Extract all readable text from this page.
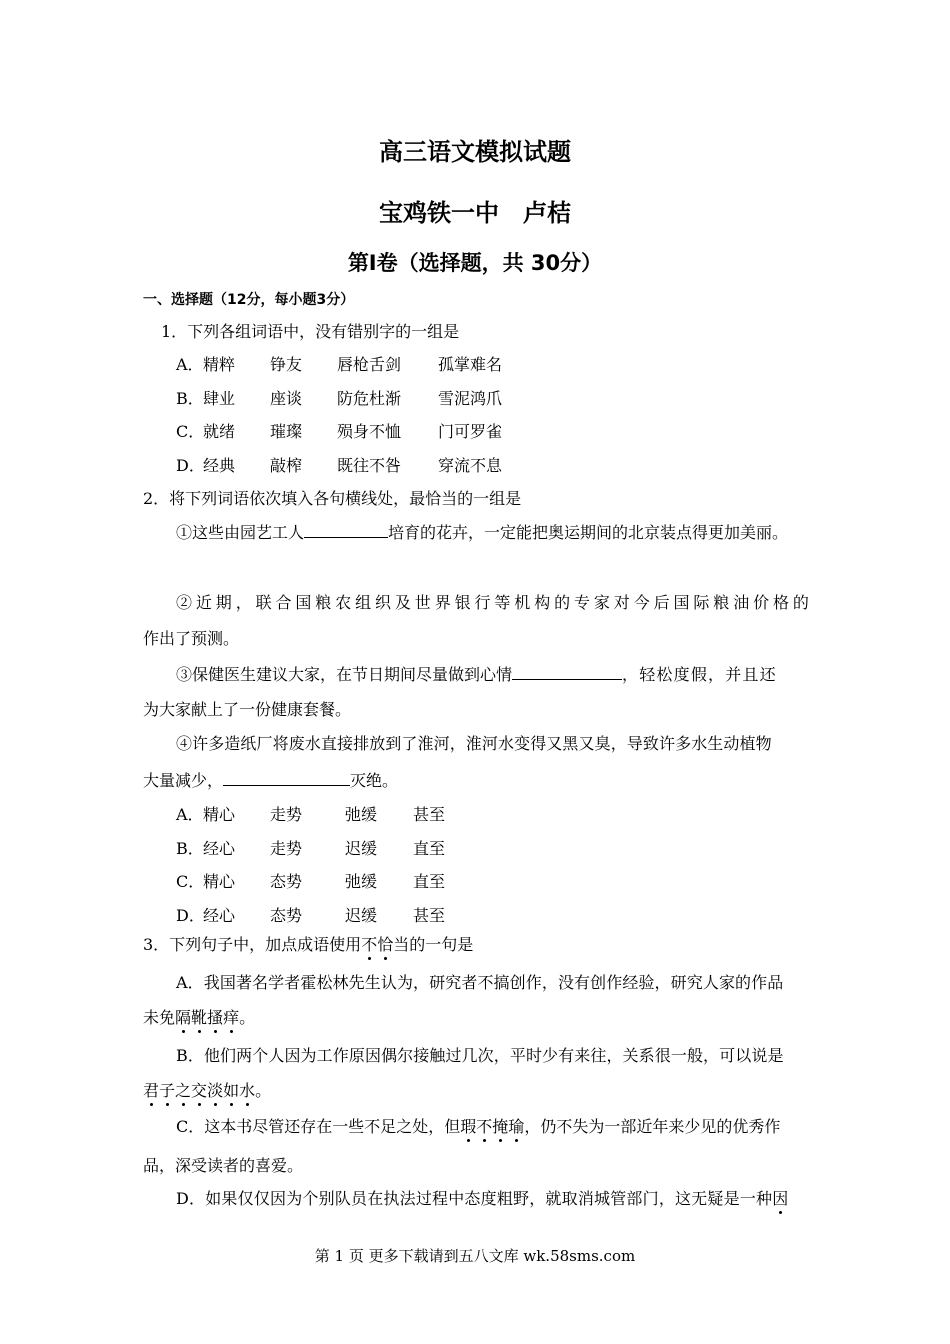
高三语文模拟试题
宝鸡铁一中　卢桔
第Ⅰ卷（选择题，共 30分）
一、选择题（12分，每小题3分）
1．下列各组词语中，没有错别字的一组是
A．精粹 铮友 唇枪舌剑 孤掌难名
B．肆业 座谈 防危杜渐 雪泥鸿爪
C．就绪 璀璨 殒身不恤 门可罗雀
D．经典 敲榨 既往不咎 穿流不息
2．将下列词语依次填入各句横线处，最恰当的一组是
①这些由园艺工人	培育的花卉，一定能把奥运期间的北京装点得更加美丽。
②近期，联合国粮农组织及世界银行等机构的专家对今后国际粮油价格的
作出了预测。
③保健医生建议大家，在节日期间尽量做到心情	，轻松度假，并且还
为大家献上了一份健康套餐。
④许多造纸厂将废水直接排放到了淮河，淮河水变得又黑又臭，导致许多水生动植物
大量减少，	灭绝。
A．精心 走势	弛缓 甚至
B．经心 走势	迟缓 直至
C．精心 态势	弛缓 直至
D．经心 态势	迟缓 甚至
3．下列句子中，加点成语使用不恰当的一句是
A．我国著名学者霍松林先生认为，研究者不搞创作，没有创作经验，研究人家的作品
未免隔靴搔痒。
B．他们两个人因为工作原因偶尔接触过几次，平时少有来往，关系很一般，可以说是
君子之交淡如水。
C．这本书尽管还存在一些不足之处，但瑕不掩瑜，仍不失为一部近年来少见的优秀作
品，深受读者的喜爱。
D．如果仅仅因为个别队员在执法过程中态度粗野，就取消城管部门，这无疑是一种因
第 1 页 更多下载请到五八文库 wk.58sms.com
